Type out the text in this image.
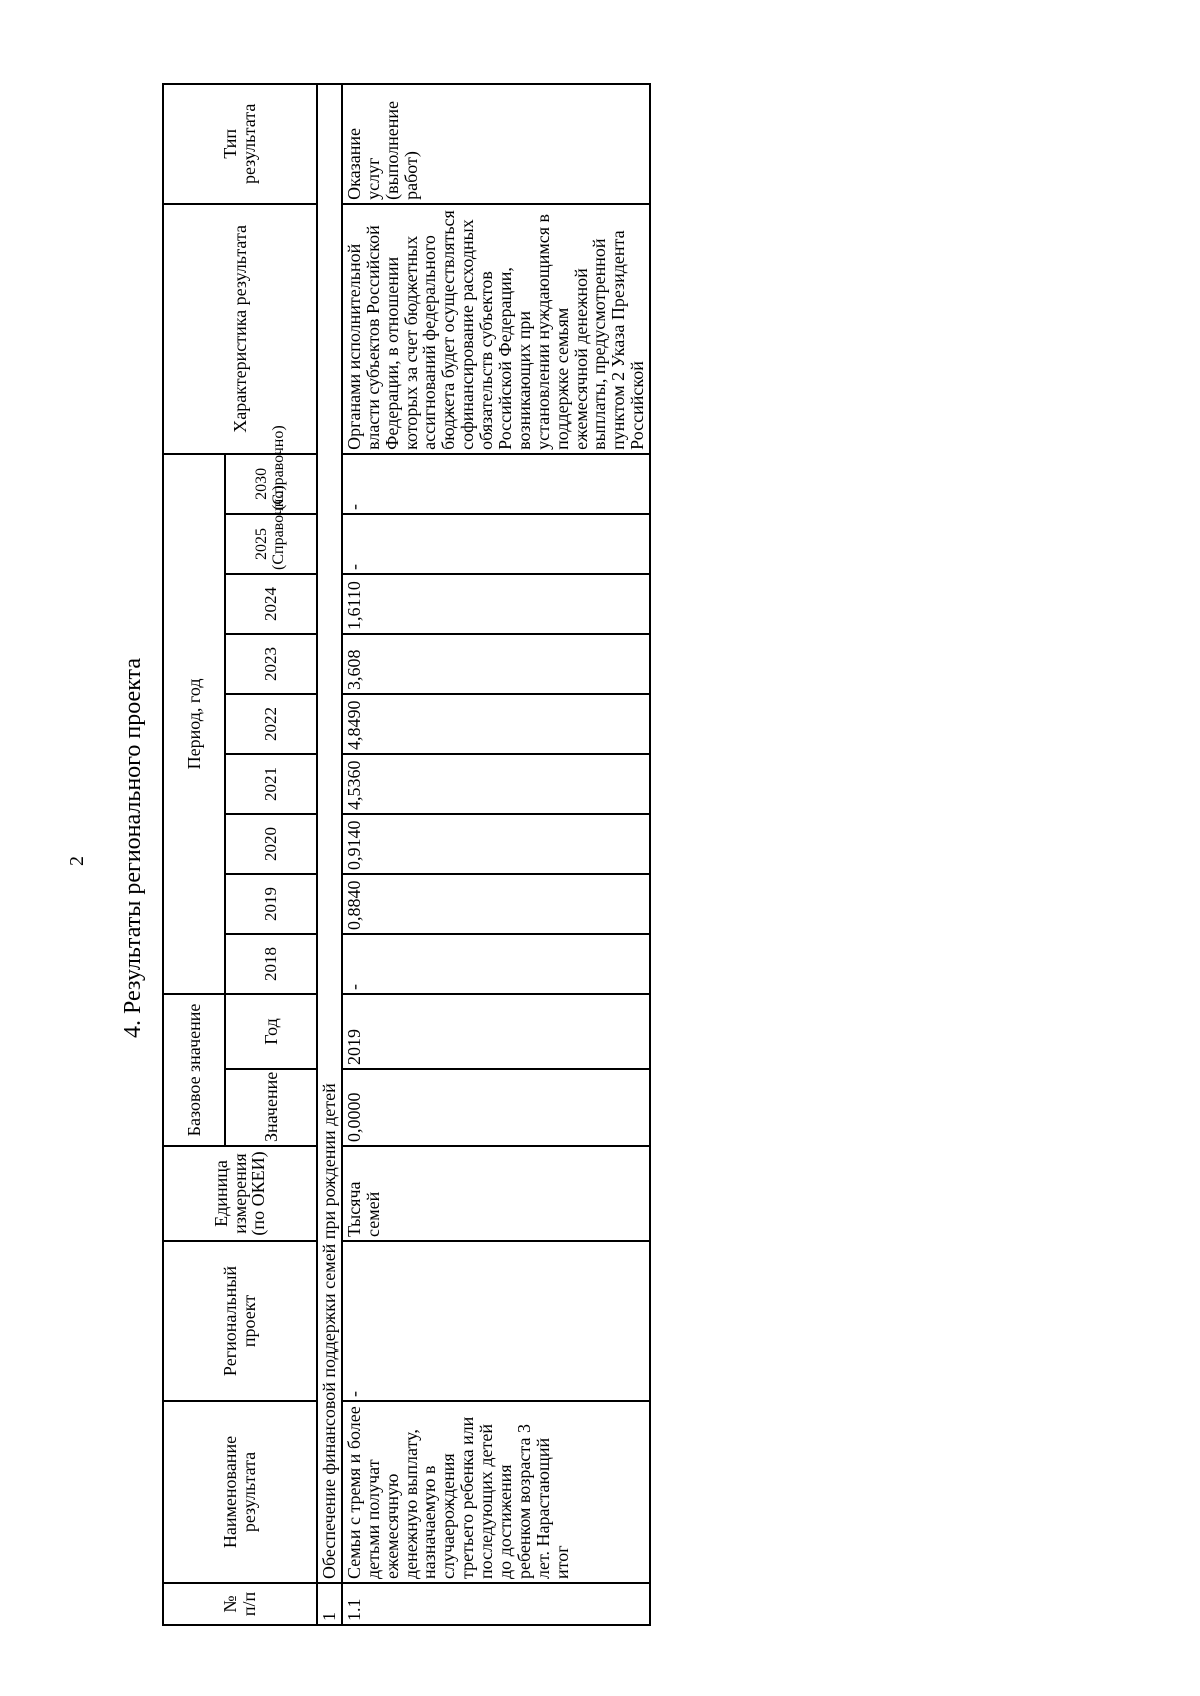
2 4. Результаты регионального проекта
№ п/п	Наименование результата	Региональный проект	Единица измерения (по ОКЕИ)	Базовое значение		Период, год									Характеристика результата	Тип результата
				Значение	Год	2018	2019	2020	2021	2022	2023	2024	2025 (Справочно)	2030 (Справочно)		
1	Обеспечение финансовой поддержки семей при рождении детей															
1.1	Семьи с тремя и более детьми получат ежемесячную денежную выплату, назначаемую в случаерождения третьего ребенка или последующих детей до достижения ребенком возраста 3 лет. Нарастающий итог	-	Тысяча семей	0,0000	2019	-	0,8840	0,9140	4,5360	4,8490	3,608	1,6110	-	-	Органами исполнительной власти субъектов Российской Федерации, в отношении которых за счет бюджетных ассигнований федерального бюджета будет осуществляться софинансирование расходных обязательств субъектов Российской Федерации, возникающих при установлении нуждающимся в поддержке семьям ежемесячной денежной выплаты, предусмотренной пунктом 2 Указа Президента Российской	Оказание услуг (выполнение работ)
